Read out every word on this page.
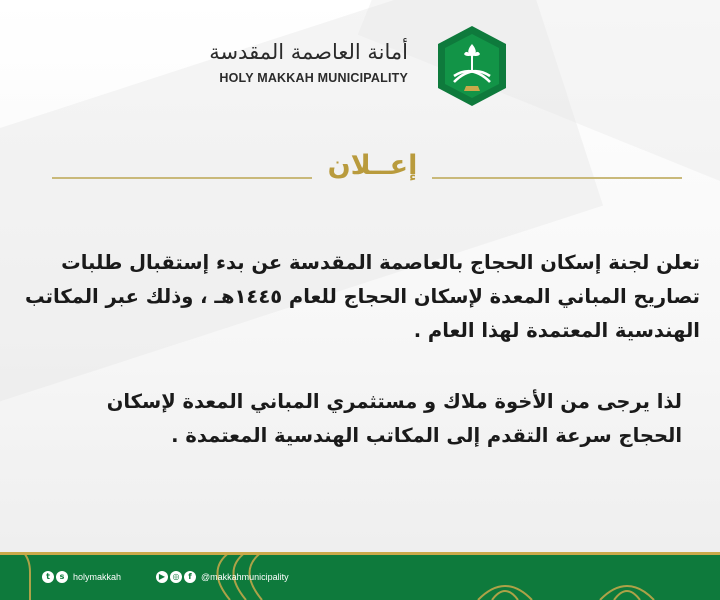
أمانة العاصمة المقدسة
HOLY MAKKAH MUNICIPALITY
إعــلان
تعلن لجنة إسكان الحجاج بالعاصمة المقدسة عن بدء إستقبال طلبات تصاريح المباني المعدة لإسكان الحجاج للعام ١٤٤٥هـ ، وذلك عبر المكاتب الهندسية المعتمدة لهذا العام .
لذا يرجى من الأخوة ملاك و مستثمري المباني المعدة لإسكان الحجاج سرعة التقدم إلى المكاتب الهندسية المعتمدة .
t	s holymakkah	▶ ◎	f	@makkahmunicipality
